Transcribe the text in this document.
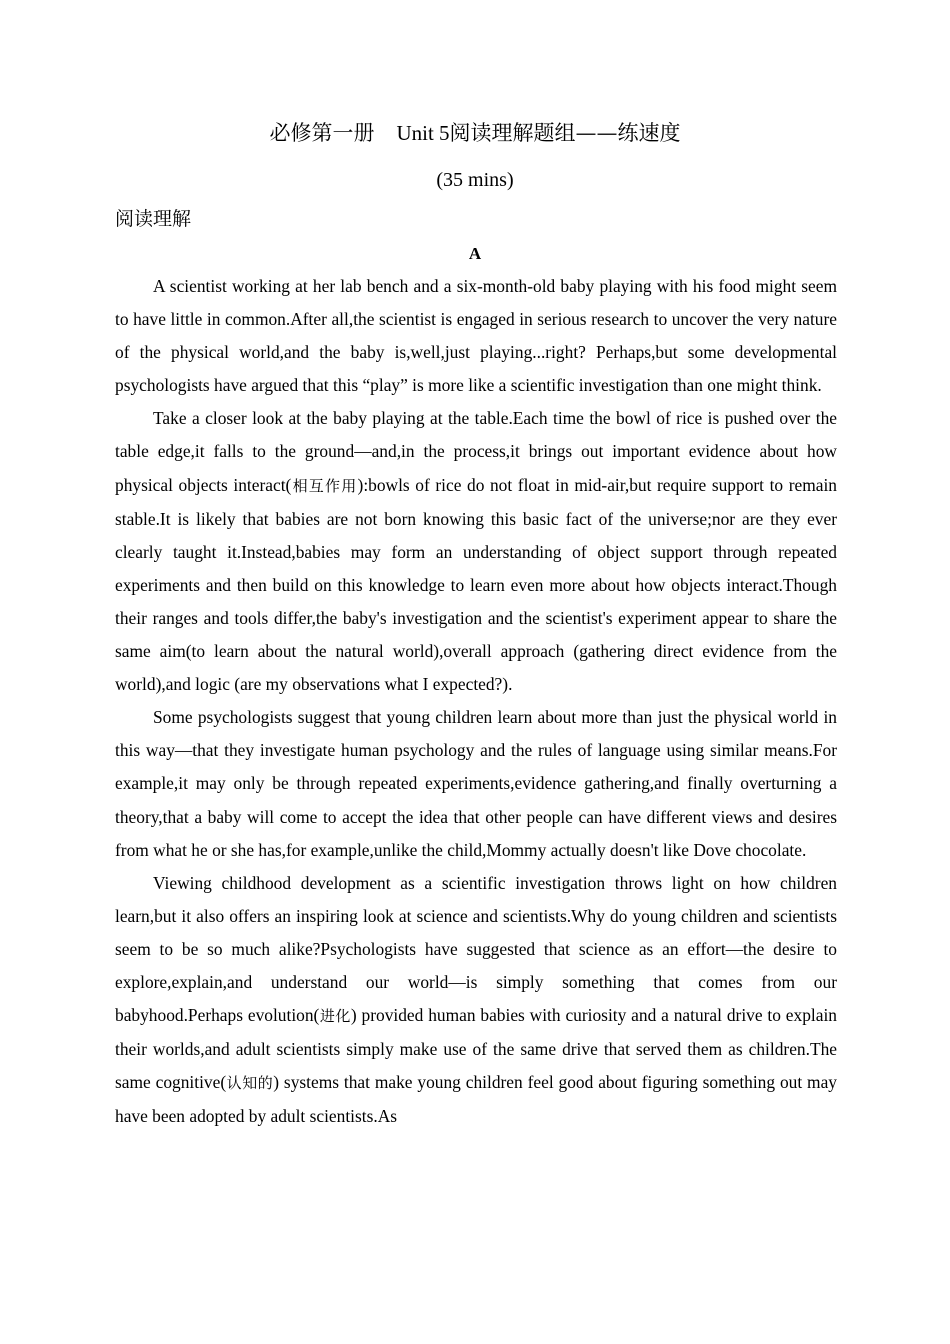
必修第一册 Unit 5阅读理解题组——练速度
(35 mins)
阅读理解
A

A scientist working at her lab bench and a six-month-old baby playing with his food might seem to have little in common.After all,the scientist is engaged in serious research to uncover the very nature of the physical world,and the baby is,well,just playing...right? Perhaps,but some developmental psychologists have argued that this “play” is more like a scientific investigation than one might think.

Take a closer look at the baby playing at the table.Each time the bowl of rice is pushed over the table edge,it falls to the ground—and,in the process,it brings out important evidence about how physical objects interact(相互作用):bowls of rice do not float in mid-air,but require support to remain stable.It is likely that babies are not born knowing this basic fact of the universe;nor are they ever clearly taught it.Instead,babies may form an understanding of object support through repeated experiments and then build on this knowledge to learn even more about how objects interact.Though their ranges and tools differ,the baby's investigation and the scientist's experiment appear to share the same aim(to learn about the natural world),overall approach (gathering direct evidence from the world),and logic (are my observations what I expected?).

Some psychologists suggest that young children learn about more than just the physical world in this way—that they investigate human psychology and the rules of language using similar means.For example,it may only be through repeated experiments,evidence gathering,and finally overturning a theory,that a baby will come to accept the idea that other people can have different views and desires from what he or she has,for example,unlike the child,Mommy actually doesn't like Dove chocolate.

Viewing childhood development as a scientific investigation throws light on how children learn,but it also offers an inspiring look at science and scientists.Why do young children and scientists seem to be so much alike?Psychologists have suggested that science as an effort—the desire to explore,explain,and understand our world—is simply something that comes from our babyhood.Perhaps evolution(进化) provided human babies with curiosity and a natural drive to explain their worlds,and adult scientists simply make use of the same drive that served them as children.The same cognitive(认知的) systems that make young children feel good about figuring something out may have been adopted by adult scientists.As
